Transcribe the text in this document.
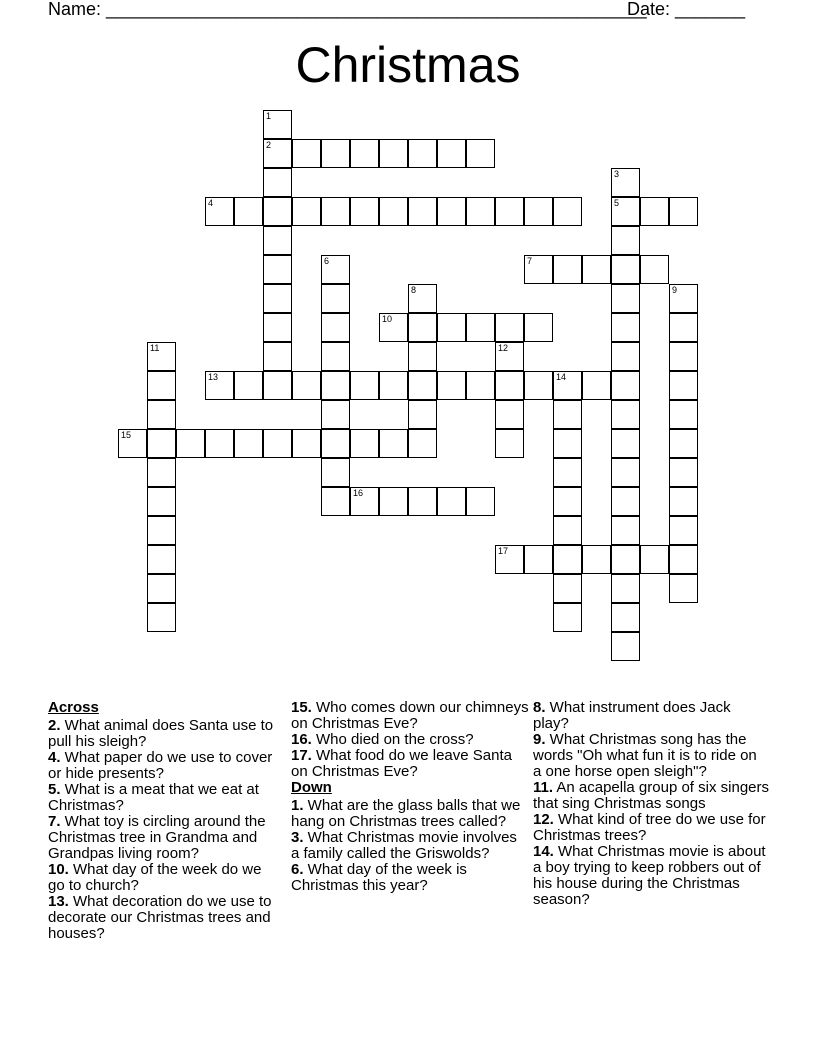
Name: ______________________________________________________
Date: _______
Christmas
2
4	5
7
10
13	14
15
16
17
1
3
6
8	9
11	12
Across
2. What animal does Santa use to pull his sleigh?
4. What paper do we use to cover or hide presents?
5. What is a meat that we eat at Christmas?
7. What toy is circling around the Christmas tree in Grandma and Grandpas living room?
10. What day of the week do we go to church?
13. What decoration do we use to decorate our Christmas trees and houses?
15. Who comes down our chimneys on Christmas Eve?
16. Who died on the cross?
17. What food do we leave Santa on Christmas Eve?
Down
1. What are the glass balls that we hang on Christmas trees called?
3. What Christmas movie involves a family called the Griswolds?
6. What day of the week is Christmas this year?
8. What instrument does Jack play?
9. What Christmas song has the words "Oh what fun it is to ride on a one horse open sleigh"?
11. An acapella group of six singers that sing Christmas songs
12. What kind of tree do we use for Christmas trees?
14. What Christmas movie is about a boy trying to keep robbers out of his house during the Christmas season?
